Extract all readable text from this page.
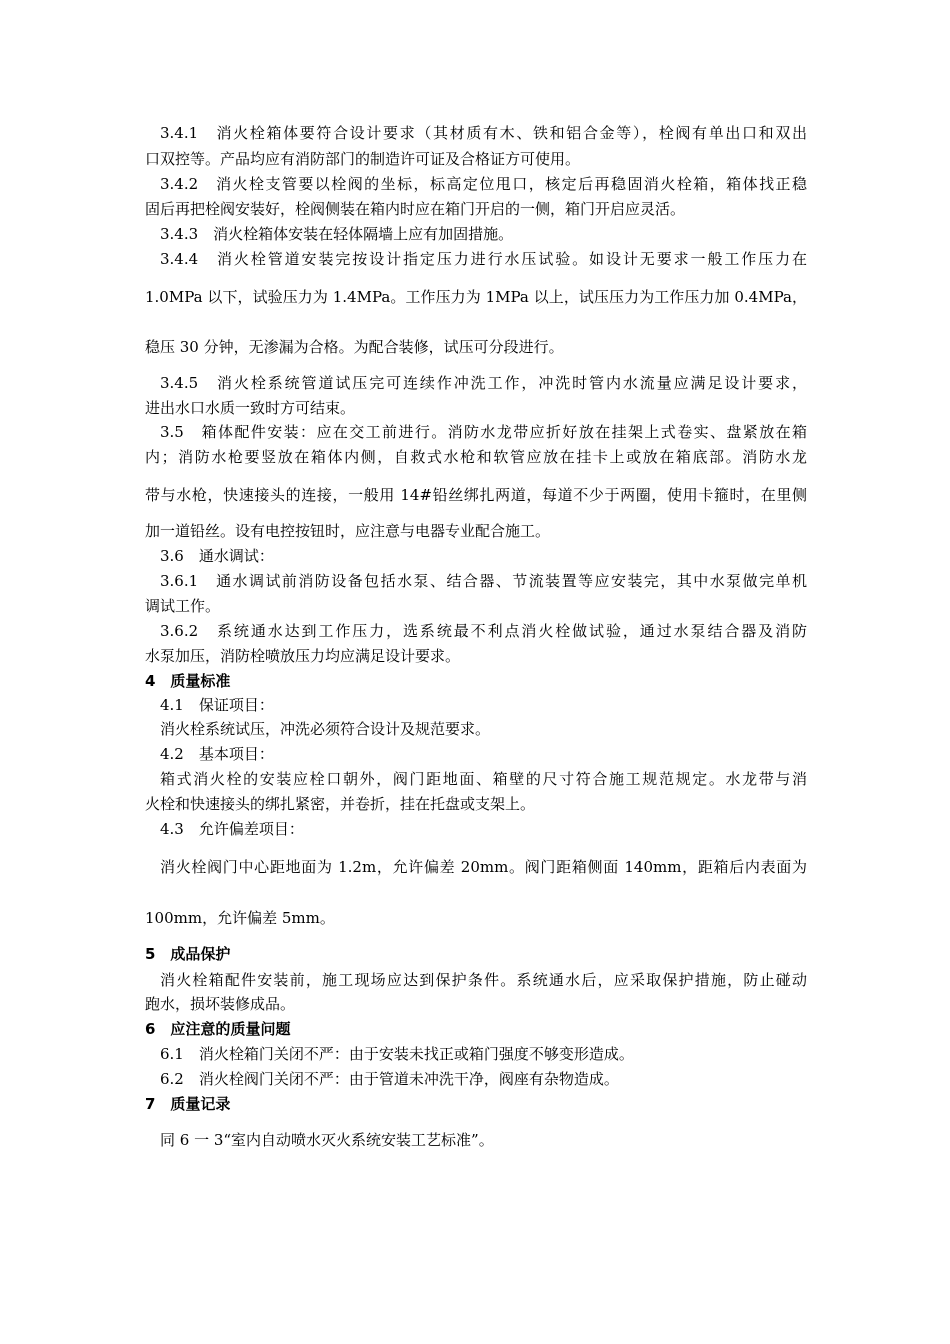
3.4.1　消火栓箱体要符合设计要求（其材质有木、铁和铝合金等），栓阀有单出口和双出
口双控等。产品均应有消防部门的制造许可证及合格证方可使用。
3.4.2　消火栓支管要以栓阀的坐标，标高定位甩口，核定后再稳固消火栓箱，箱体找正稳
固后再把栓阀安装好，栓阀侧装在箱内时应在箱门开启的一侧，箱门开启应灵活。
3.4.3　消火栓箱体安装在轻体隔墙上应有加固措施。
3.4.4　消火栓管道安装完按设计指定压力进行水压试验。如设计无要求一般工作压力在
1.0MPa 以下，试验压力为 1.4MPa。工作压力为 1MPa 以上，试压压力为工作压力加 0.4MPa，
稳压 30 分钟，无渗漏为合格。为配合装修，试压可分段进行。
3.4.5　消火栓系统管道试压完可连续作冲洗工作，冲洗时管内水流量应满足设计要求，
进出水口水质一致时方可结束。
3.5　箱体配件安装：应在交工前进行。消防水龙带应折好放在挂架上式卷实、盘紧放在箱
内；消防水枪要竖放在箱体内侧，自救式水枪和软管应放在挂卡上或放在箱底部。消防水龙
带与水枪，快速接头的连接，一般用 14#铅丝绑扎两道，每道不少于两圈，使用卡箍时，在里侧
加一道铅丝。设有电控按钮时，应注意与电器专业配合施工。
3.6　通水调试：
3.6.1　通水调试前消防设备包括水泵、结合器、节流装置等应安装完，其中水泵做完单机
调试工作。
3.6.2　系统通水达到工作压力，选系统最不利点消火栓做试验，通过水泵结合器及消防
水泵加压，消防栓喷放压力均应满足设计要求。
4　质量标准
4.1　保证项目：
消火栓系统试压，冲洗必须符合设计及规范要求。
4.2　基本项目：
箱式消火栓的安装应栓口朝外，阀门距地面、箱壁的尺寸符合施工规范规定。水龙带与消
火栓和快速接头的绑扎紧密，并卷折，挂在托盘或支架上。
4.3　允许偏差项目：
消火栓阀门中心距地面为 1.2m，允许偏差 20mm。阀门距箱侧面 140mm，距箱后内表面为
100mm，允许偏差 5mm。
5　成品保护
消火栓箱配件安装前，施工现场应达到保护条件。系统通水后，应采取保护措施，防止碰动
跑水，损坏装修成品。
6　应注意的质量问题
6.1　消火栓箱门关闭不严：由于安装未找正或箱门强度不够变形造成。
6.2　消火栓阀门关闭不严：由于管道未冲洗干净，阀座有杂物造成。
7　质量记录
同 6 一 3“室内自动喷水灭火系统安装工艺标准”。
